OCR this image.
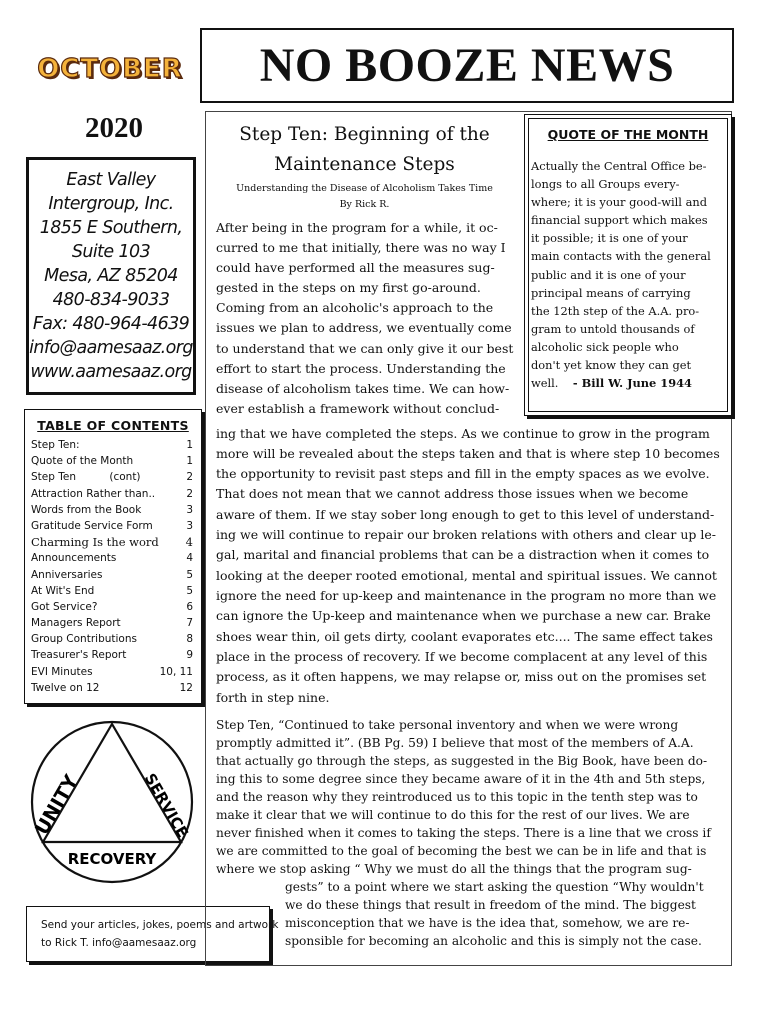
OCTOBER NO BOOZE NEWS
2020
East Valley
Intergroup, Inc.
1855 E Southern,
Suite 103
Mesa, AZ 85204
480-834-9033
Fax: 480-964-4639
info@aamesaaz.org
www.aamesaaz.org
TABLE OF CONTENTS
Step Ten:	1
Quote of the Month	1
Step Ten          (cont)	2
Attraction Rather than..	2
Words from the Book	3
Gratitude Service Form	3
Charming Is the word 4
Announcements	4
Anniversaries	5
At Wit's End	5
Got Service?	6
Managers Report	7
Group Contributions	8
Treasurer's Report	9
EVI Minutes	10, 11
Twelve on 12	12
UNITY	SERVICE
RECOVERY
Send your articles, jokes, poems and artwork
to Rick T. info@aamesaaz.org
QUOTE OF THE MONTH
Actually the Central Office be-
longs to all Groups every-
where; it is your good-will and
financial support which makes
it possible; it is one of your
main contacts with the general
public and it is one of your
principal means of carrying
the 12th step of the A.A. pro-
gram to untold thousands of
alcoholic sick people who
don't yet know they can get
well. - Bill W. June 1944
Step Ten: Beginning of the
Maintenance Steps
Understanding the Disease of Alcoholism Takes Time
By Rick R.
After being in the program for a while, it oc-
curred to me that initially, there was no way I
could have performed all the measures sug-
gested in the steps on my first go-around.
Coming from an alcoholic's approach to the
issues we plan to address, we eventually come
to understand that we can only give it our best
effort to start the process. Understanding the
disease of alcoholism takes time. We can how-
ever establish a framework without conclud-
ing that we have completed the steps. As we continue to grow in the program
more will be revealed about the steps taken and that is where step 10 becomes
the opportunity to revisit past steps and fill in the empty spaces as we evolve.
That does not mean that we cannot address those issues when we become
aware of them. If we stay sober long enough to get to this level of understand-
ing we will continue to repair our broken relations with others and clear up le-
gal, marital and financial problems that can be a distraction when it comes to
looking at the deeper rooted emotional, mental and spiritual issues. We cannot
ignore the need for up-keep and maintenance in the program no more than we
can ignore the Up-keep and maintenance when we purchase a new car. Brake
shoes wear thin, oil gets dirty, coolant evaporates etc.... The same effect takes
place in the process of recovery. If we become complacent at any level of this
process, as it often happens, we may relapse or, miss out on the promises set
forth in step nine.
Step Ten, “Continued to take personal inventory and when we were wrong
promptly admitted it”. (BB Pg. 59) I believe that most of the members of A.A.
that actually go through the steps, as suggested in the Big Book, have been do-
ing this to some degree since they became aware of it in the 4th and 5th steps,
and the reason why they reintroduced us to this topic in the tenth step was to
make it clear that we will continue to do this for the rest of our lives. We are
never finished when it comes to taking the steps. There is a line that we cross if
we are committed to the goal of becoming the best we can be in life and that is
where we stop asking “ Why we must do all the things that the program sug-
gests” to a point where we start asking the question “Why wouldn't
we do these things that result in freedom of the mind. The biggest
misconception that we have is the idea that, somehow, we are re-
sponsible for becoming an alcoholic and this is simply not the case.
